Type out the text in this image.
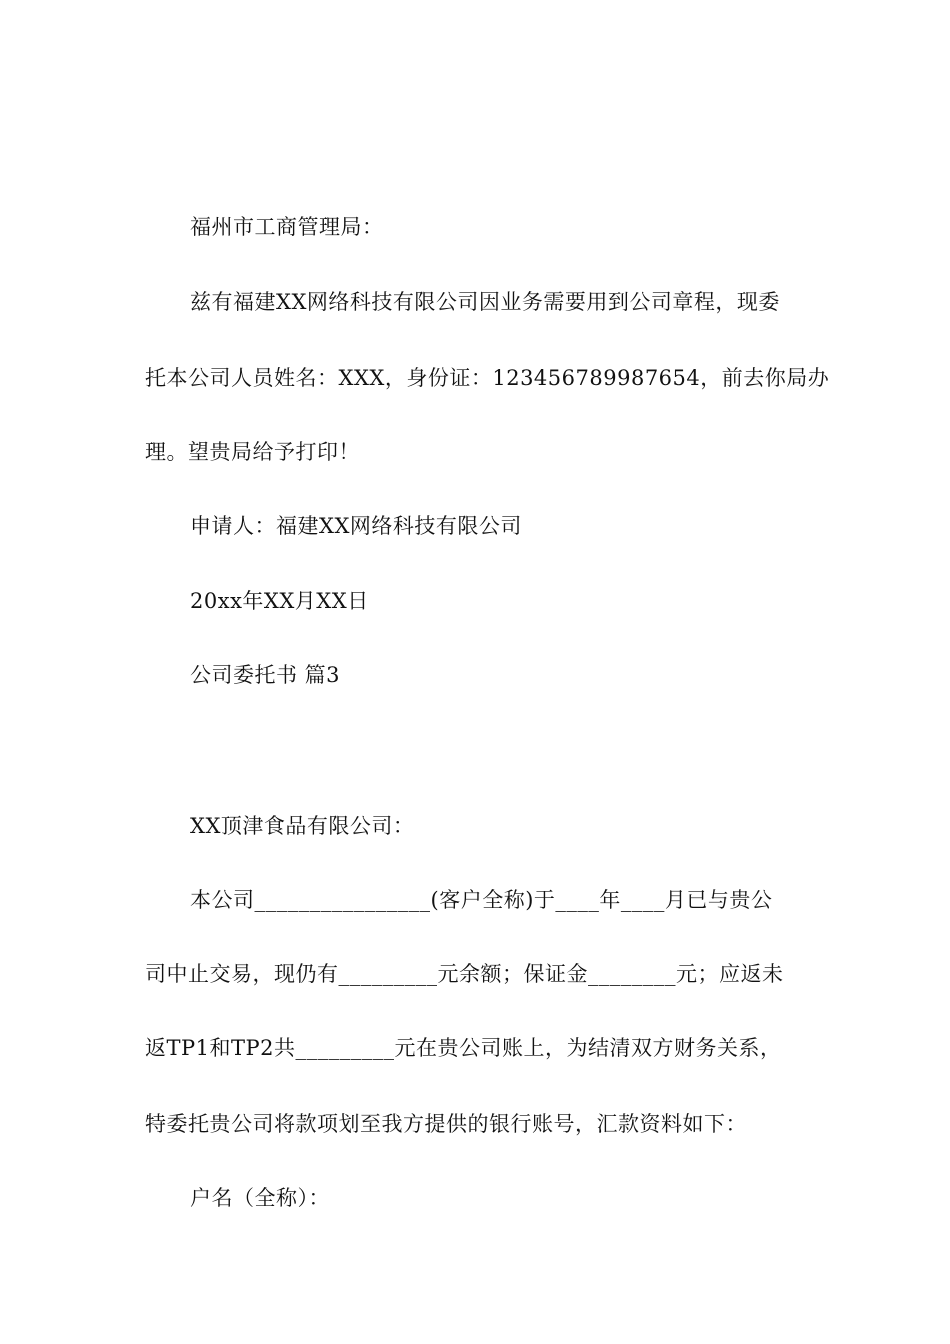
福州市工商管理局：
兹有福建XX网络科技有限公司因业务需要用到公司章程，现委
托本公司人员姓名：XXX，身份证：123456789987654，前去你局办
理。望贵局给予打印！
申请人：福建XX网络科技有限公司
20xx年XX月XX日
公司委托书 篇3
XX顶津食品有限公司：
本公司________________(客户全称)于____年____月已与贵公
司中止交易，现仍有_________元余额；保证金________元；应返未
返TP1和TP2共_________元在贵公司账上，为结清双方财务关系，
特委托贵公司将款项划至我方提供的银行账号，汇款资料如下：
户名（全称）：
